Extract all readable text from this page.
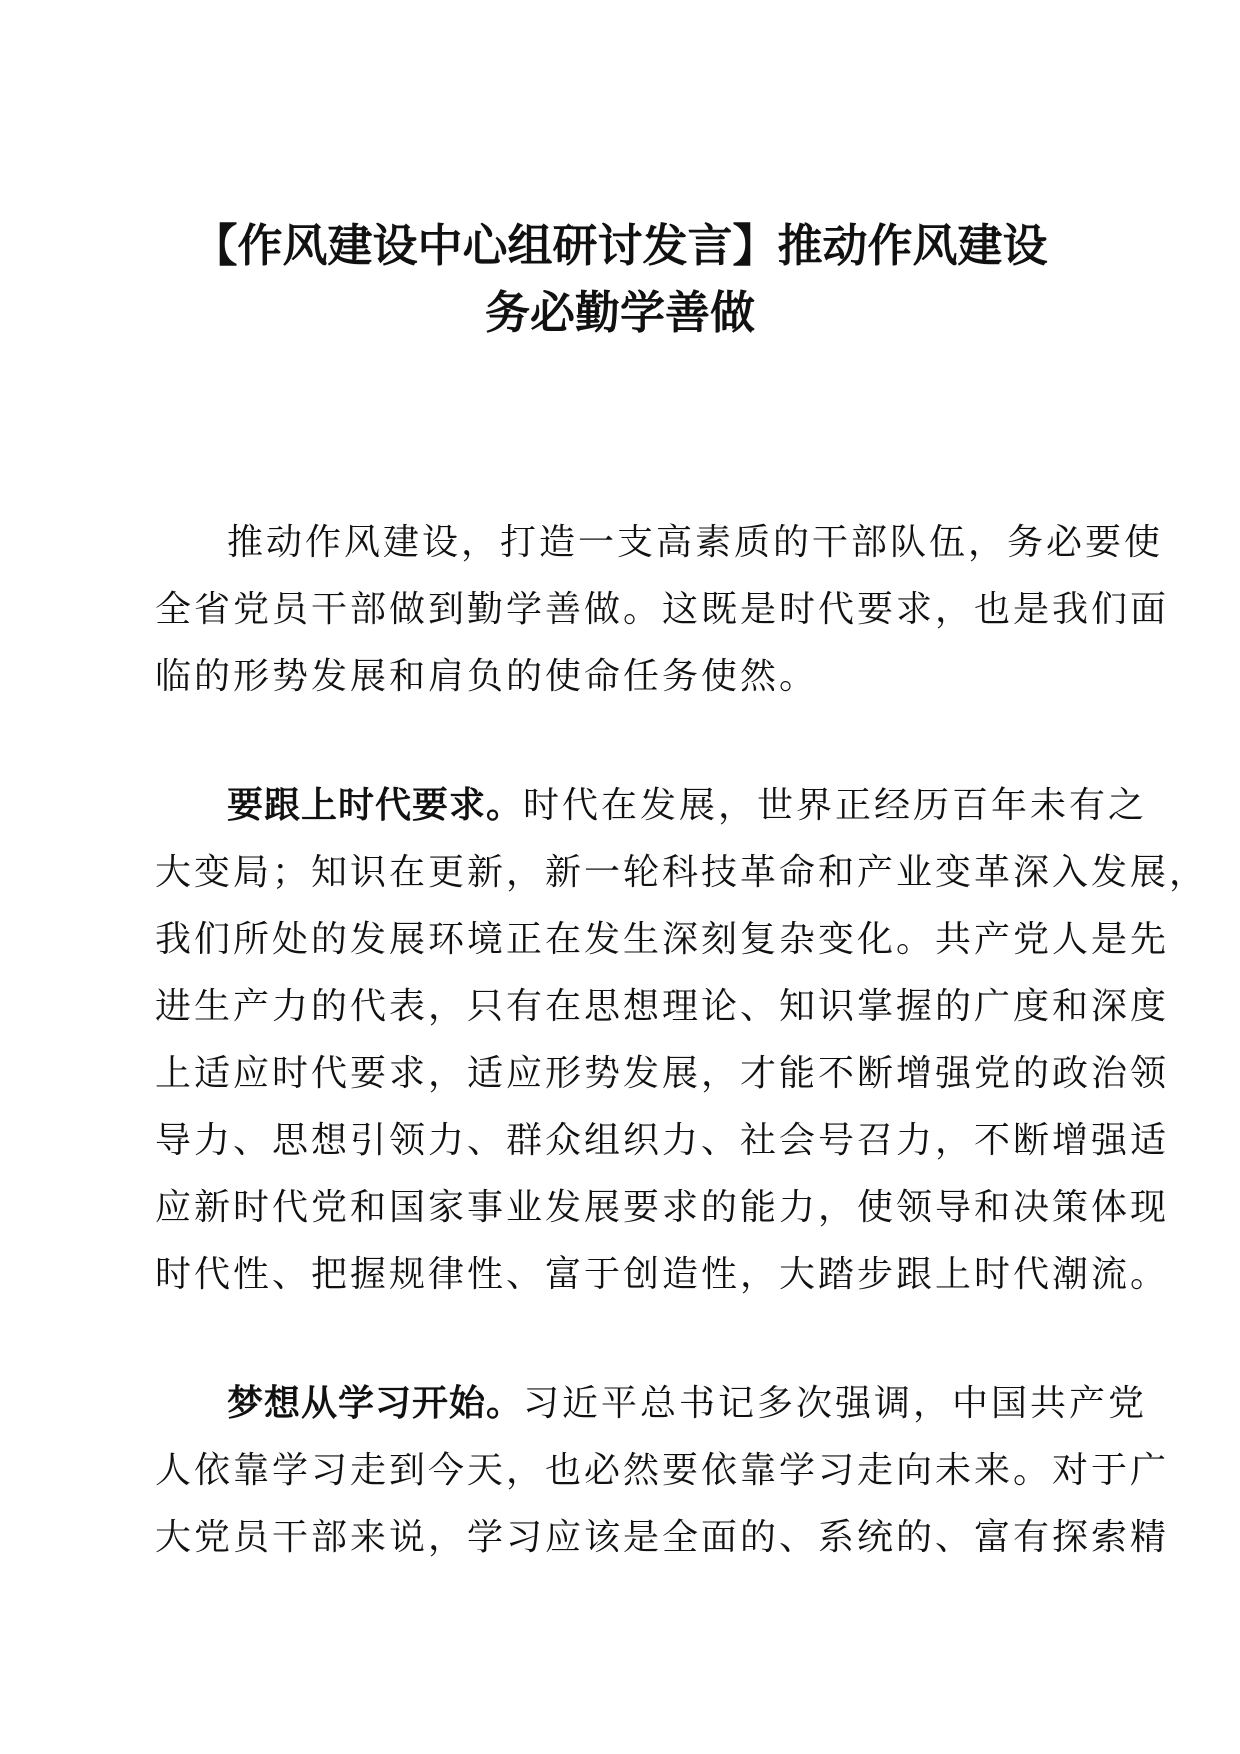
【作风建设中心组研讨发言】推动作风建设
务必勤学善做
推动作风建设，打造一支高素质的干部队伍，务必要使
全省党员干部做到勤学善做。这既是时代要求，也是我们面
临的形势发展和肩负的使命任务使然。
要跟上时代要求。时代在发展，世界正经历百年未有之
大变局；知识在更新，新一轮科技革命和产业变革深入发展，
我们所处的发展环境正在发生深刻复杂变化。共产党人是先
进生产力的代表，只有在思想理论、知识掌握的广度和深度
上适应时代要求，适应形势发展，才能不断增强党的政治领
导力、思想引领力、群众组织力、社会号召力，不断增强适
应新时代党和国家事业发展要求的能力，使领导和决策体现
时代性、把握规律性、富于创造性，大踏步跟上时代潮流。
梦想从学习开始。习近平总书记多次强调，中国共产党
人依靠学习走到今天，也必然要依靠学习走向未来。对于广
大党员干部来说，学习应该是全面的、系统的、富有探索精
